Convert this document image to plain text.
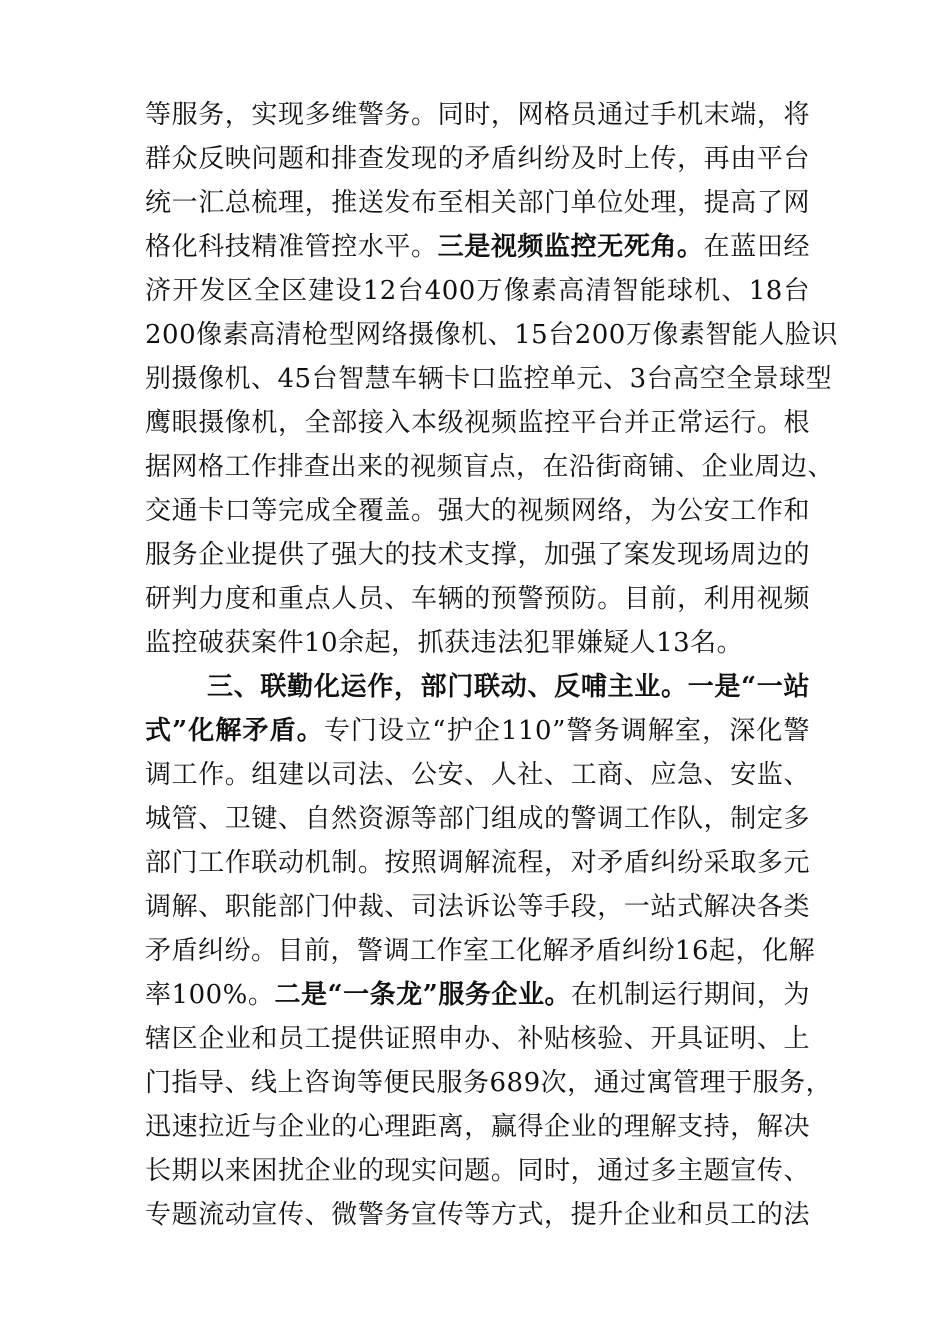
等服务，实现多维警务。同时，网格员通过手机末端，将
群众反映问题和排查发现的矛盾纠纷及时上传，再由平台
统一汇总梳理，推送发布至相关部门单位处理，提高了网
格化科技精准管控水平。三是视频监控无死角。在蓝田经
济开发区全区建设12台400万像素高清智能球机、18台
200像素高清枪型网络摄像机、15台200万像素智能人脸识
别摄像机、45台智慧车辆卡口监控单元、3台高空全景球型
鹰眼摄像机，全部接入本级视频监控平台并正常运行。根
据网格工作排查出来的视频盲点，在沿街商铺、企业周边、
交通卡口等完成全覆盖。强大的视频网络，为公安工作和
服务企业提供了强大的技术支撑，加强了案发现场周边的
研判力度和重点人员、车辆的预警预防。目前，利用视频
监控破获案件10余起，抓获违法犯罪嫌疑人13名。
三、联勤化运作，部门联动、反哺主业。一是“一站
式”化解矛盾。专门设立“护企110”警务调解室，深化警
调工作。组建以司法、公安、人社、工商、应急、安监、
城管、卫键、自然资源等部门组成的警调工作队，制定多
部门工作联动机制。按照调解流程，对矛盾纠纷采取多元
调解、职能部门仲裁、司法诉讼等手段，一站式解决各类
矛盾纠纷。目前，警调工作室工化解矛盾纠纷16起，化解
率100%。二是“一条龙”服务企业。在机制运行期间，为
辖区企业和员工提供证照申办、补贴核验、开具证明、上
门指导、线上咨询等便民服务689次，通过寓管理于服务，
迅速拉近与企业的心理距离，赢得企业的理解支持，解决
长期以来困扰企业的现实问题。同时，通过多主题宣传、
专题流动宣传、微警务宣传等方式，提升企业和员工的法
